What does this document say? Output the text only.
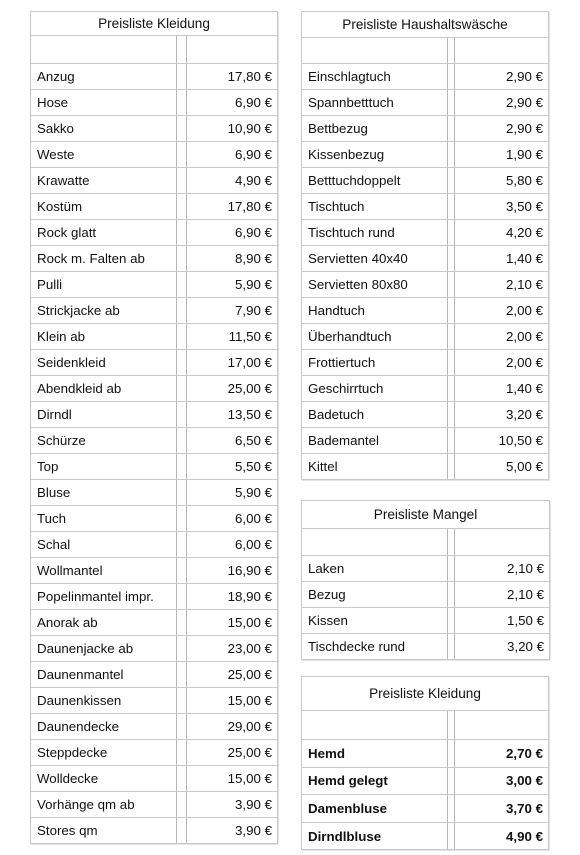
Preisliste Kleidung		

Anzug		17,80 €
Hose		6,90 €
Sakko		10,90 €
Weste		6,90 €
Krawatte		4,90 €
Kostüm		17,80 €
Rock glatt		6,90 €
Rock m. Falten ab		8,90 €
Pulli		5,90 €
Strickjacke ab		7,90 €
Klein ab		11,50 €
Seidenkleid		17,00 €
Abendkleid ab		25,00 €
Dirndl		13,50 €
Schürze		6,50 €
Top		5,50 €
Bluse		5,90 €
Tuch		6,00 €
Schal		6,00 €
Wollmantel		16,90 €
Popelinmantel impr.		18,90 €
Anorak ab		15,00 €
Daunenjacke ab		23,00 €
Daunenmantel		25,00 €
Daunenkissen		15,00 €
Daunendecke		29,00 €
Steppdecke		25,00 €
Wolldecke		15,00 €
Vorhänge qm ab		3,90 €
Stores qm		3,90 €
Preisliste Haushaltswäsche		

Einschlagtuch		2,90 €
Spannbetttuch		2,90 €
Bettbezug		2,90 €
Kissenbezug		1,90 €
Betttuchdoppelt		5,80 €
Tischtuch		3,50 €
Tischtuch rund		4,20 €
Servietten 40x40		1,40 €
Servietten 80x80		2,10 €
Handtuch		2,00 €
Überhandtuch		2,00 €
Frottiertuch		2,00 €
Geschirrtuch		1,40 €
Badetuch		3,20 €
Bademantel		10,50 €
Kittel		5,00 €
Preisliste Mangel		

Laken		2,10 €
Bezug		2,10 €
Kissen		1,50 €
Tischdecke rund		3,20 €
Preisliste Kleidung		

Hemd		2,70 €
Hemd gelegt		3,00 €
Damenbluse		3,70 €
Dirndlbluse		4,90 €
